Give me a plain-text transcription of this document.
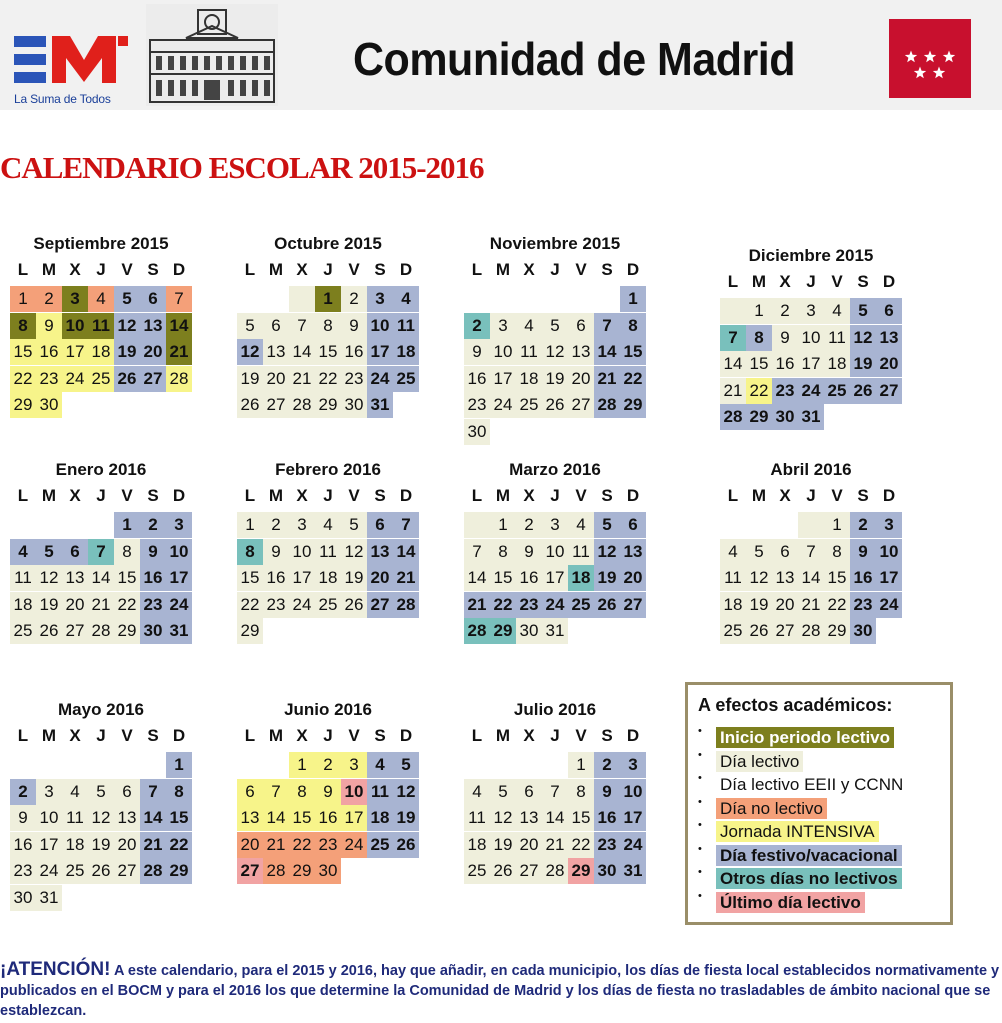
La Suma de Todos
Comunidad de Madrid
CALENDARIO ESCOLAR 2015-2016
Septiembre 2015
L M X J V S D
1 2 3 4 5 6 7
8 9 10 11 12 13 14
15 16 17 18 19 20 21
22 23 24 25 26 27 28
29 30
Octubre 2015
L M X J V S D
1 2 3 4
5 6 7 8 9 10 11
12 13 14 15 16 17 18
19 20 21 22 23 24 25
26 27 28 29 30 31
Noviembre 2015
L M X J V S D
1
2 3 4 5 6 7 8
9 10 11 12 13 14 15
16 17 18 19 20 21 22
23 24 25 26 27 28 29
30
Diciembre 2015
L M X J V S D
1 2 3 4 5 6
7 8 9 10 11 12 13
14 15 16 17 18 19 20
21 22 23 24 25 26 27
28 29 30 31
Enero 2016
L M X J V S D
1 2 3
4 5 6 7 8 9 10
11 12 13 14 15 16 17
18 19 20 21 22 23 24
25 26 27 28 29 30 31
Febrero 2016
L M X J V S D
1 2 3 4 5 6 7
8 9 10 11 12 13 14
15 16 17 18 19 20 21
22 23 24 25 26 27 28
29
Marzo 2016
L M X J V S D
1 2 3 4 5 6
7 8 9 10 11 12 13
14 15 16 17 18 19 20
21 22 23 24 25 26 27
28 29 30 31
Abril 2016
L M X J V S D
1 2 3
4 5 6 7 8 9 10
11 12 13 14 15 16 17
18 19 20 21 22 23 24
25 26 27 28 29 30
Mayo 2016
L M X J V S D
1
2 3 4 5 6 7 8
9 10 11 12 13 14 15
16 17 18 19 20 21 22
23 24 25 26 27 28 29
30 31
Junio 2016
L M X J V S D
1 2 3 4 5
6 7 8 9 10 11 12
13 14 15 16 17 18 19
20 21 22 23 24 25 26
27 28 29 30
Julio 2016
L M X J V S D
1 2 3
4 5 6 7 8 9 10
11 12 13 14 15 16 17
18 19 20 21 22 23 24
25 26 27 28 29 30 31
A efectos académicos:
• Inicio periodo lectivo
• Día lectivo
• Día lectivo EEII y CCNN
• Día no lectivo
• Jornada INTENSIVA
• Día festivo/vacacional
• Otros días no lectivos
• Último día lectivo
¡ATENCIÓN! A este calendario, para el 2015 y 2016, hay que añadir, en cada municipio, los días de fiesta local establecidos normativamente y publicados en el BOCM y para el 2016 los que determine la Comunidad de Madrid y los días de fiesta no trasladables de ámbito nacional que se establezcan.
